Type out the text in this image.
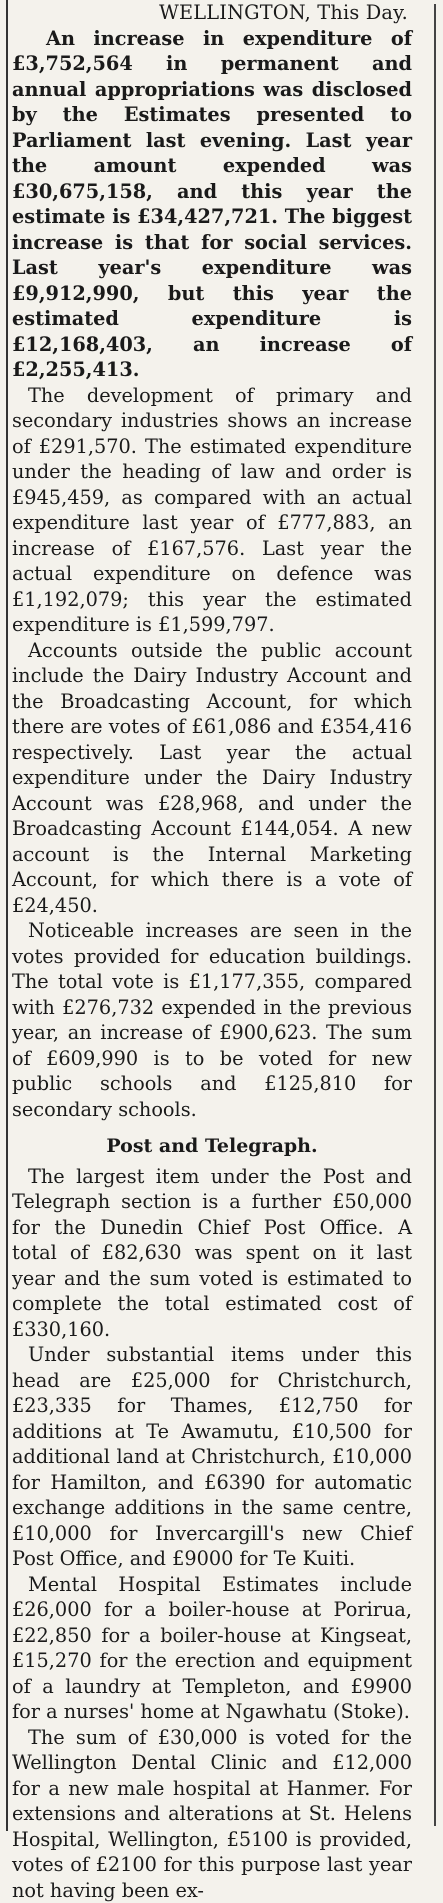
WELLINGTON, This Day.

An increase in expenditure of £3,752,564 in permanent and annual appropriations was disclosed by the Estimates presented to Parliament last evening. Last year the amount expended was £30,675,158, and this year the estimate is £34,427,721. The biggest increase is that for social services. Last year's expenditure was £9,912,990, but this year the estimated expenditure is £12,168,403, an increase of £2,255,413.

The development of primary and secondary industries shows an increase of £291,570. The estimated expenditure under the heading of law and order is £945,459, as compared with an actual expenditure last year of £777,883, an increase of £167,576. Last year the actual expenditure on defence was £1,192,079; this year the estimated expenditure is £1,599,797.

Accounts outside the public account include the Dairy Industry Account and the Broadcasting Account, for which there are votes of £61,086 and £354,416 respectively. Last year the actual expenditure under the Dairy Industry Account was £28,968, and under the Broadcasting Account £144,054. A new account is the Internal Marketing Account, for which there is a vote of £24,450.

Noticeable increases are seen in the votes provided for education buildings. The total vote is £1,177,355, compared with £276,732 expended in the previous year, an increase of £900,623. The sum of £609,990 is to be voted for new public schools and £125,810 for secondary schools.

Post and Telegraph.

The largest item under the Post and Telegraph section is a further £50,000 for the Dunedin Chief Post Office. A total of £82,630 was spent on it last year and the sum voted is estimated to complete the total estimated cost of £330,160.

Under substantial items under this head are £25,000 for Christchurch, £23,335 for Thames, £12,750 for additions at Te Awamutu, £10,500 for additional land at Christchurch, £10,000 for Hamilton, and £6390 for automatic exchange additions in the same centre, £10,000 for Invercargill's new Chief Post Office, and £9000 for Te Kuiti.

Mental Hospital Estimates include £26,000 for a boiler-house at Porirua, £22,850 for a boiler-house at Kingseat, £15,270 for the erection and equipment of a laundry at Templeton, and £9900 for a nurses' home at Ngawhatu (Stoke).

The sum of £30,000 is voted for the Wellington Dental Clinic and £12,000 for a new male hospital at Hanmer. For extensions and alterations at St. Helens Hospital, Wellington, £5100 is provided, votes of £2100 for this purpose last year not having been ex-
